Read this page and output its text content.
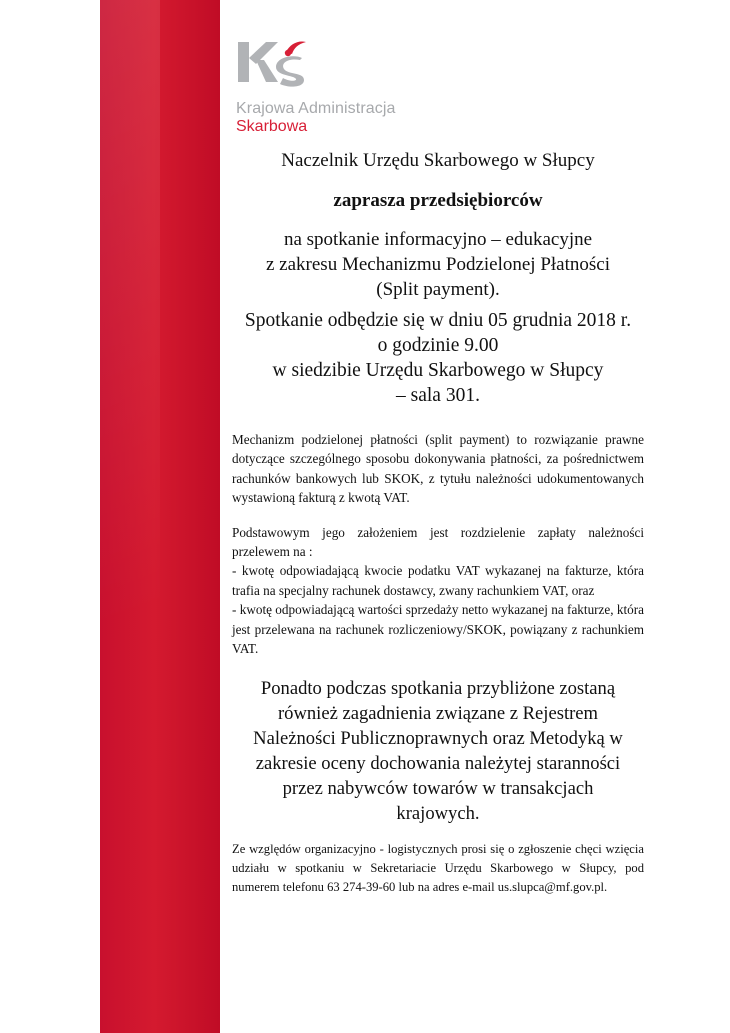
Krajowa Administracja
Skarbowa

Naczelnik Urzędu Skarbowego w Słupcy

zaprasza przedsiębiorców

na spotkanie informacyjno – edukacyjne

z zakresu Mechanizmu Podzielonej Płatności

(Split payment).

Spotkanie odbędzie się w dniu 05 grudnia 2018 r.

o godzinie 9.00

w siedzibie Urzędu Skarbowego w Słupcy

– sala 301.

Mechanizm podzielonej płatności (split payment) to rozwiązanie prawne dotyczące szczególnego sposobu dokonywania płatności, za pośrednictwem rachunków bankowych lub SKOK, z tytułu należności udokumentowanych wystawioną fakturą z kwotą VAT.

Podstawowym jego założeniem jest rozdzielenie zapłaty należności przelewem na :

- kwotę odpowiadającą kwocie podatku VAT wykazanej na fakturze, która trafia na specjalny rachunek dostawcy, zwany rachunkiem VAT, oraz

- kwotę odpowiadającą wartości sprzedaży netto wykazanej na fakturze, która jest przelewana na rachunek rozliczeniowy/SKOK, powiązany z rachunkiem VAT.

Ponadto podczas spotkania przybliżone zostaną

również zagadnienia związane z Rejestrem

Należności Publicznoprawnych oraz Metodyką w

zakresie oceny dochowania należytej staranności

przez nabywców towarów w transakcjach

krajowych.

Ze względów organizacyjno - logistycznych prosi się o zgłoszenie chęci wzięcia udziału w spotkaniu w Sekretariacie Urzędu Skarbowego w Słupcy, pod numerem telefonu 63 274-39-60 lub na adres e-mail us.slupca@mf.gov.pl.
